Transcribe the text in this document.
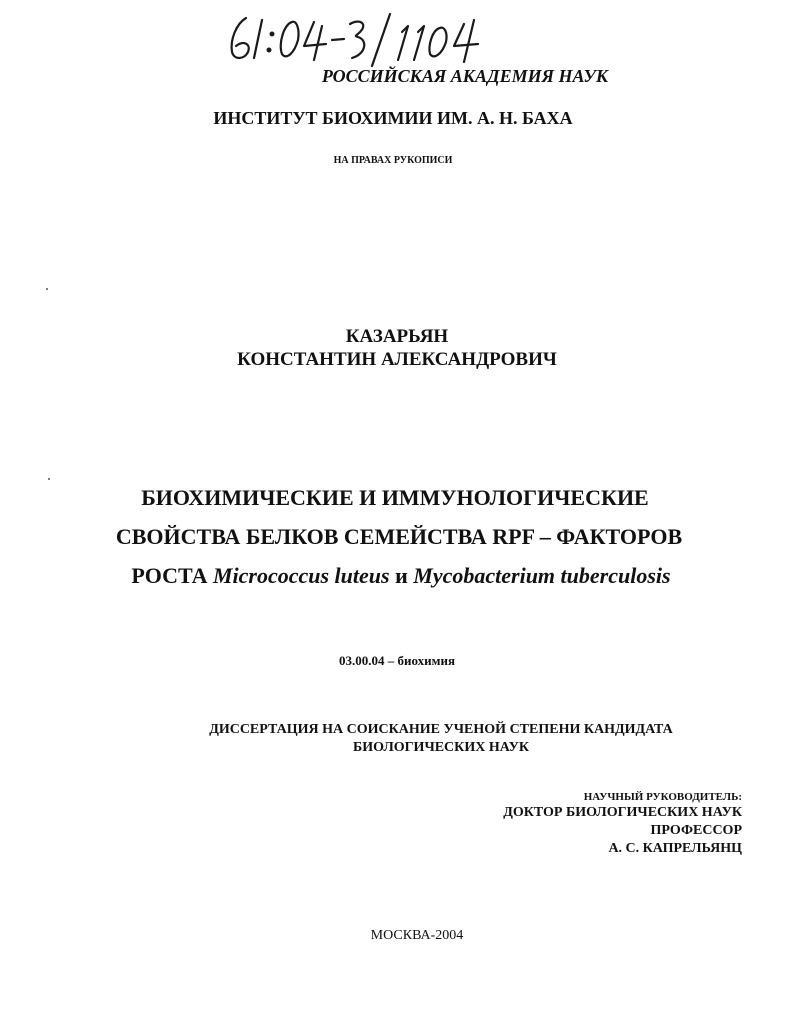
РОССИЙСКАЯ АКАДЕМИЯ НАУК
ИНСТИТУТ БИОХИМИИ ИМ. А. Н. БАХА
НА ПРАВАХ РУКОПИСИ
КАЗАРЬЯН
КОНСТАНТИН АЛЕКСАНДРОВИЧ
БИОХИМИЧЕСКИЕ И ИММУНОЛОГИЧЕСКИЕ
СВОЙСТВА БЕЛКОВ СЕМЕЙСТВА RPF – ФАКТОРОВ
РОСТА Micrococcus luteus и Mycobacterium tuberculosis
03.00.04 – биохимия
ДИССЕРТАЦИЯ НА СОИСКАНИЕ УЧЕНОЙ СТЕПЕНИ КАНДИДАТА
БИОЛОГИЧЕСКИХ НАУК
НАУЧНЫЙ РУКОВОДИТЕЛЬ:
ДОКТОР БИОЛОГИЧЕСКИХ НАУК
ПРОФЕССОР
А. С. КАПРЕЛЬЯНЦ
МОСКВА-2004
